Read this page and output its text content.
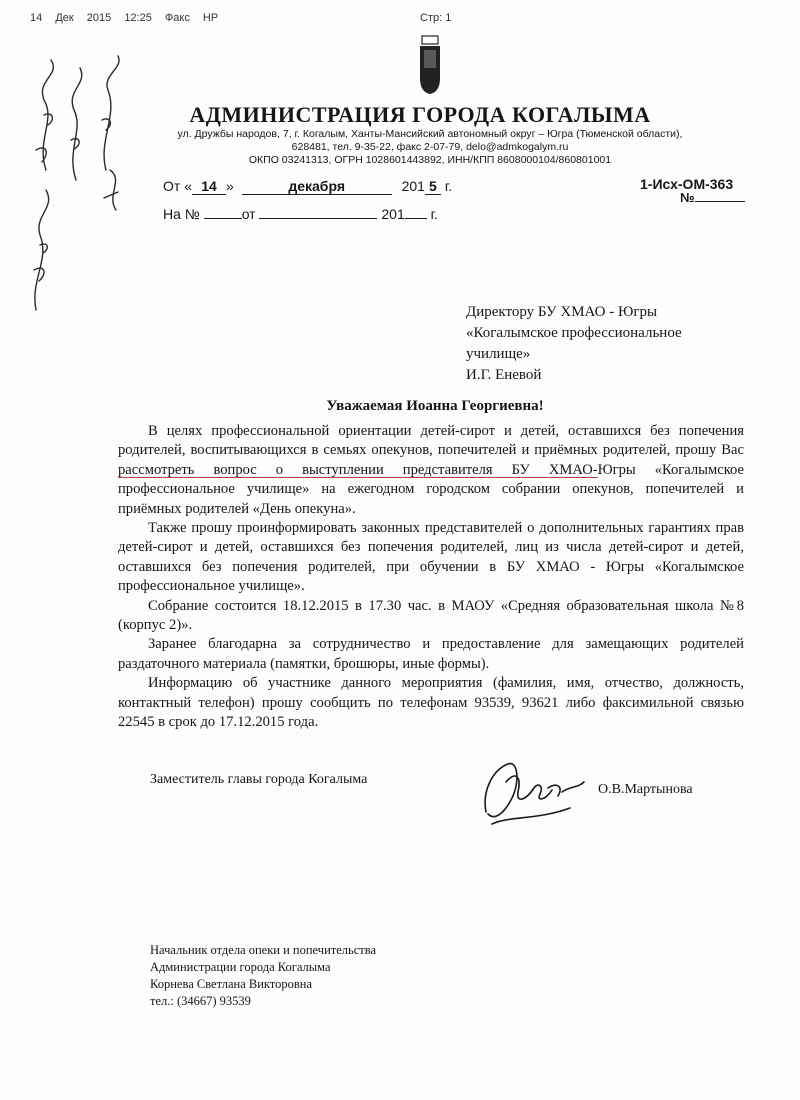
14 Дек 2015 12:25 Факс HP	Стр: 1
АДМИНИСТРАЦИЯ ГОРОДА КОГАЛЫМА
ул. Дружбы народов, 7, г. Когалым, Ханты-Мансийский автономный округ – Югра (Тюменской области),
628481, тел. 9-35-22, факс 2-07-79, delo@admkogalym.ru
ОКПО 03241313, ОГРН 1028601443892, ИНН/КПП 8608000104/860801001
От « 14 »	декабря	201 5 г.
На №	от	201 г.
1-Исх-ОМ-363
№
Директору БУ ХМАО - Югры
«Когалымское профессиональное
училище»
И.Г. Еневой
Уважаемая Иоанна Георгиевна!

В целях профессиональной ориентации детей-сирот и детей, оставшихся без попечения родителей, воспитывающихся в семьях опекунов, попечителей и приёмных родителей, прошу Вас рассмотреть вопрос о выступлении представителя БУ ХМАО-Югры «Когалымское профессиональное училище» на ежегодном городском собрании опекунов, попечителей и приёмных родителей «День опекуна».

Также прошу проинформировать законных представителей о дополнительных гарантиях прав детей-сирот и детей, оставшихся без попечения родителей, лиц из числа детей-сирот и детей, оставшихся без попечения родителей, при обучении в БУ ХМАО - Югры «Когалымское профессиональное училище».

Собрание состоится 18.12.2015 в 17.30 час. в МАОУ «Средняя образовательная школа №8 (корпус 2)».

Заранее благодарна за сотрудничество и предоставление для замещающих родителей раздаточного материала (памятки, брошюры, иные формы).

Информацию об участнике данного мероприятия (фамилия, имя, отчество, должность, контактный телефон) прошу сообщить по телефонам 93539, 93621 либо факсимильной связью 22545 в срок до 17.12.2015 года.

Заместитель главы города Когалыма
О.В.Мартынова
Начальник отдела опеки и попечительства
Администрации города Когалыма
Корнева Светлана Викторовна
тел.: (34667) 93539
